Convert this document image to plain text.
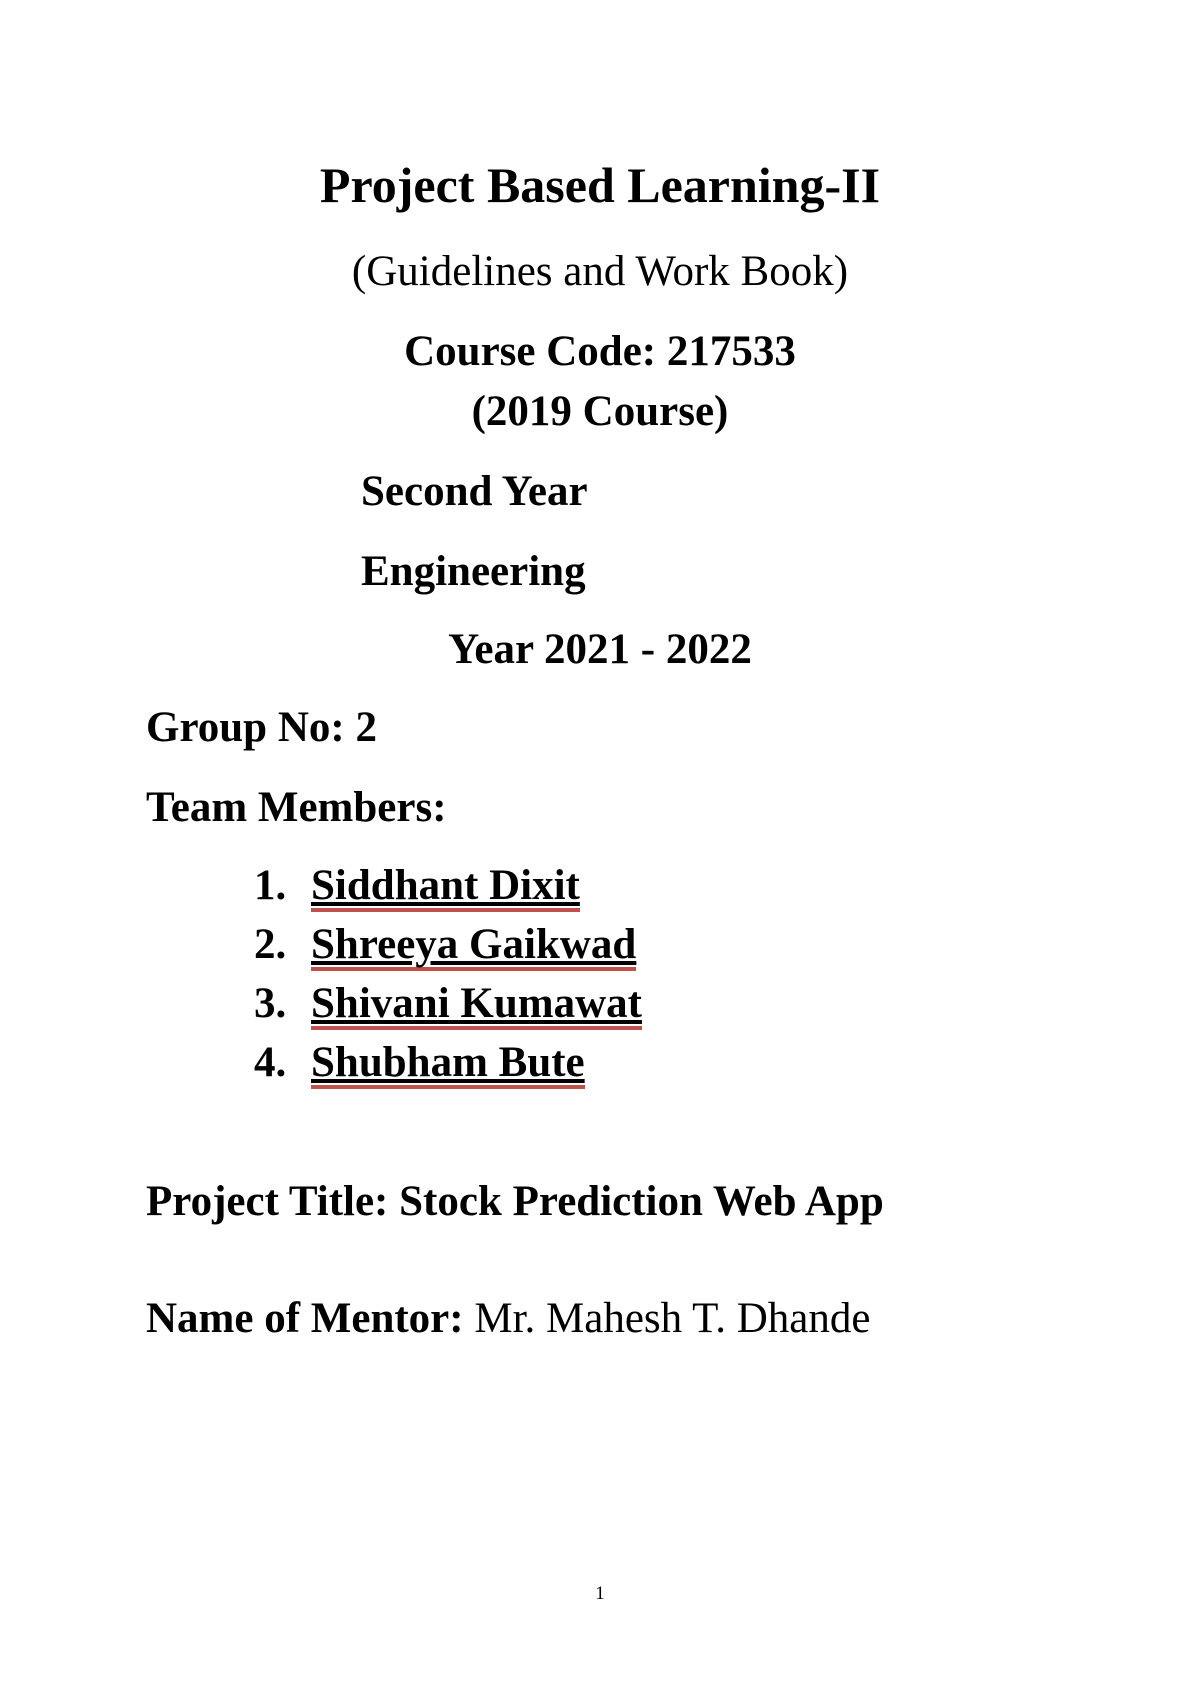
Project Based Learning-II
(Guidelines and Work Book)
Course Code: 217533
(2019 Course)
Second Year
Engineering
Year 2021 - 2022
Group No: 2
Team Members:
1. Siddhant Dixit
2. Shreeya Gaikwad
3. Shivani Kumawat
4. Shubham Bute
Project Title: Stock Prediction Web App
Name of Mentor: Mr. Mahesh T. Dhande
1
